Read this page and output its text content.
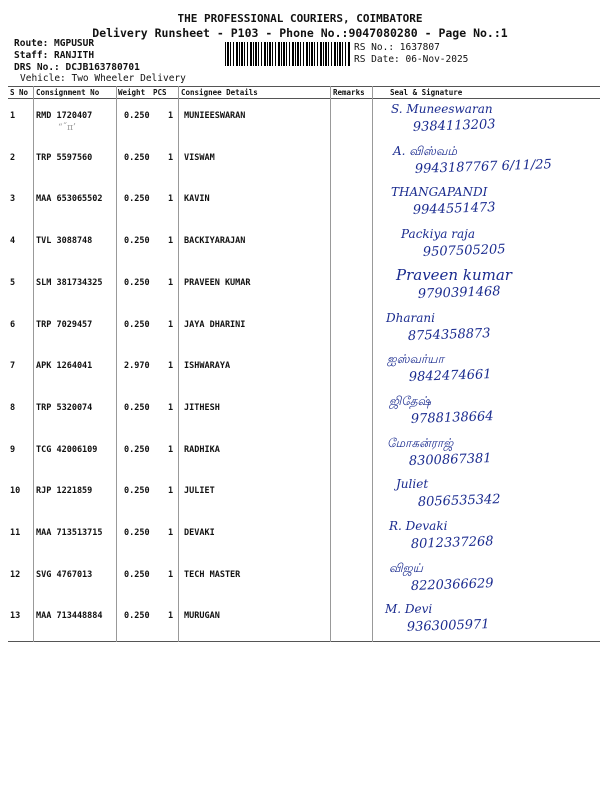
THE PROFESSIONAL COURIERS, COIMBATORE
Delivery Runsheet - P103 - Phone No.:9047080280 - Page No.:1
Route: MGPUSUR
Staff: RANJITH
DRS No.: DCJB163780701
Vehicle: Two Wheeler Delivery
RS No.: 1637807
RS Date: 06-Nov-2025
S No Consignment No	Weight PCS Consignee Details	Remarks	Seal & Signature
1 RMD 1720407	0.250 1 MUNIEESWARAN	S. Muneeswaran
9384113203
2 TRP 5597560	0.250 1 VISWAM	A. விஸ்வம்
9943187767 6/11/25
3 MAA 653065502	0.250 1 KAVIN	THANGAPANDI
9944551473
4 TVL 3088748	0.250 1 BACKIYARAJAN	Packiya raja
9507505205
5 SLM 381734325	0.250 1 PRAVEEN KUMAR	Praveen kumar
9790391468
6 TRP 7029457	0.250 1 JAYA DHARINI	Dharani
8754358873
7 APK 1264041	2.970 1 ISHWARAYA	ஐஸ்வர்யா
9842474661
8 TRP 5320074	0.250 1 JITHESH	ஜிதேஷ்
9788138664
9 TCG 42006109	0.250 1 RADHIKA	மோகன்ராஜ்
8300867381
10 RJP 1221859	0.250 1 JULIET	Juliet
8056535342
11 MAA 713513715	0.250 1 DEVAKI	R. Devaki
8012337268
12 SVG 4767013	0.250 1 TECH MASTER	விஜய்
8220366629
13 MAA 713448884	0.250 1 MURUGAN	M. Devi
9363005971
“˝π’
